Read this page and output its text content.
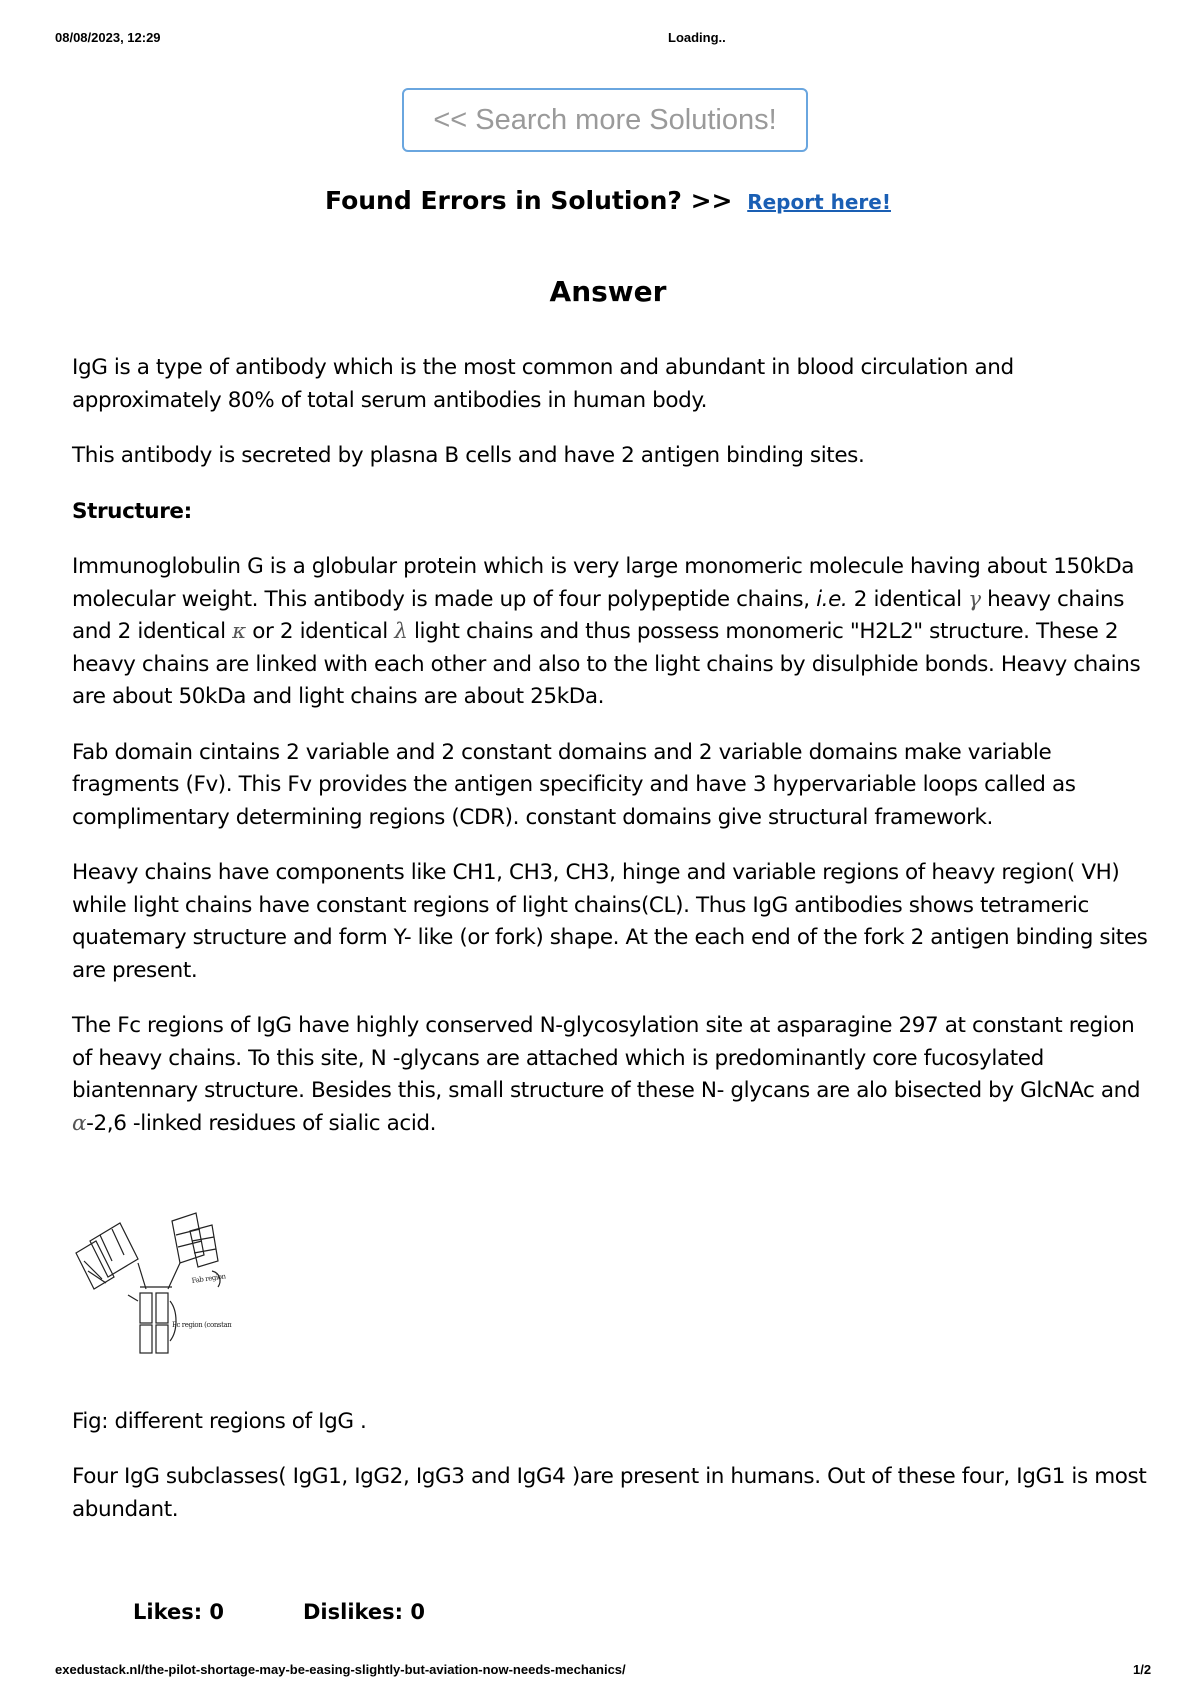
08/08/2023, 12:29	Loading..
<< Search more Solutions!
Found Errors in Solution? >> Report here!
Answer

IgG is a type of antibody which is the most common and abundant in blood circulation and approximately 80% of total serum antibodies in human body.

This antibody is secreted by plasna B cells and have 2 antigen binding sites.

Structure:

Immunoglobulin G is a globular protein which is very large monomeric molecule having about 150kDa molecular weight. This antibody is made up of four polypeptide chains, i.e. 2 identical γ heavy chains and 2 identical κ or 2 identical λ light chains and thus possess monomeric "H2L2" structure. These 2 heavy chains are linked with each other and also to the light chains by disulphide bonds. Heavy chains are about 50kDa and light chains are about 25kDa.

Fab domain cintains 2 variable and 2 constant domains and 2 variable domains make variable fragments (Fv). This Fv provides the antigen specificity and have 3 hypervariable loops called as complimentary determining regions (CDR). constant domains give structural framework.

Heavy chains have components like CH1, CH3, CH3, hinge and variable regions of heavy region( VH) while light chains have constant regions of light chains(CL). Thus IgG antibodies shows tetrameric quatemary structure and form Y- like (or fork) shape. At the each end of the fork 2 antigen binding sites are present.

The Fc regions of IgG have highly conserved N-glycosylation site at asparagine 297 at constant region of heavy chains. To this site, N -glycans are attached which is predominantly core fucosylated biantennary structure. Besides this, small structure of these N- glycans are alo bisected by GlcNAc and α-2,6 -linked residues of sialic acid.

Fab region
Fc region (constant)

Fig: different regions of IgG .

Four IgG subclasses( IgG1, IgG2, IgG3 and IgG4 )are present in humans. Out of these four, IgG1 is most abundant.

Likes: 0	Dislikes: 0
exedustack.nl/the-pilot-shortage-may-be-easing-slightly-but-aviation-now-needs-mechanics/	1/2
